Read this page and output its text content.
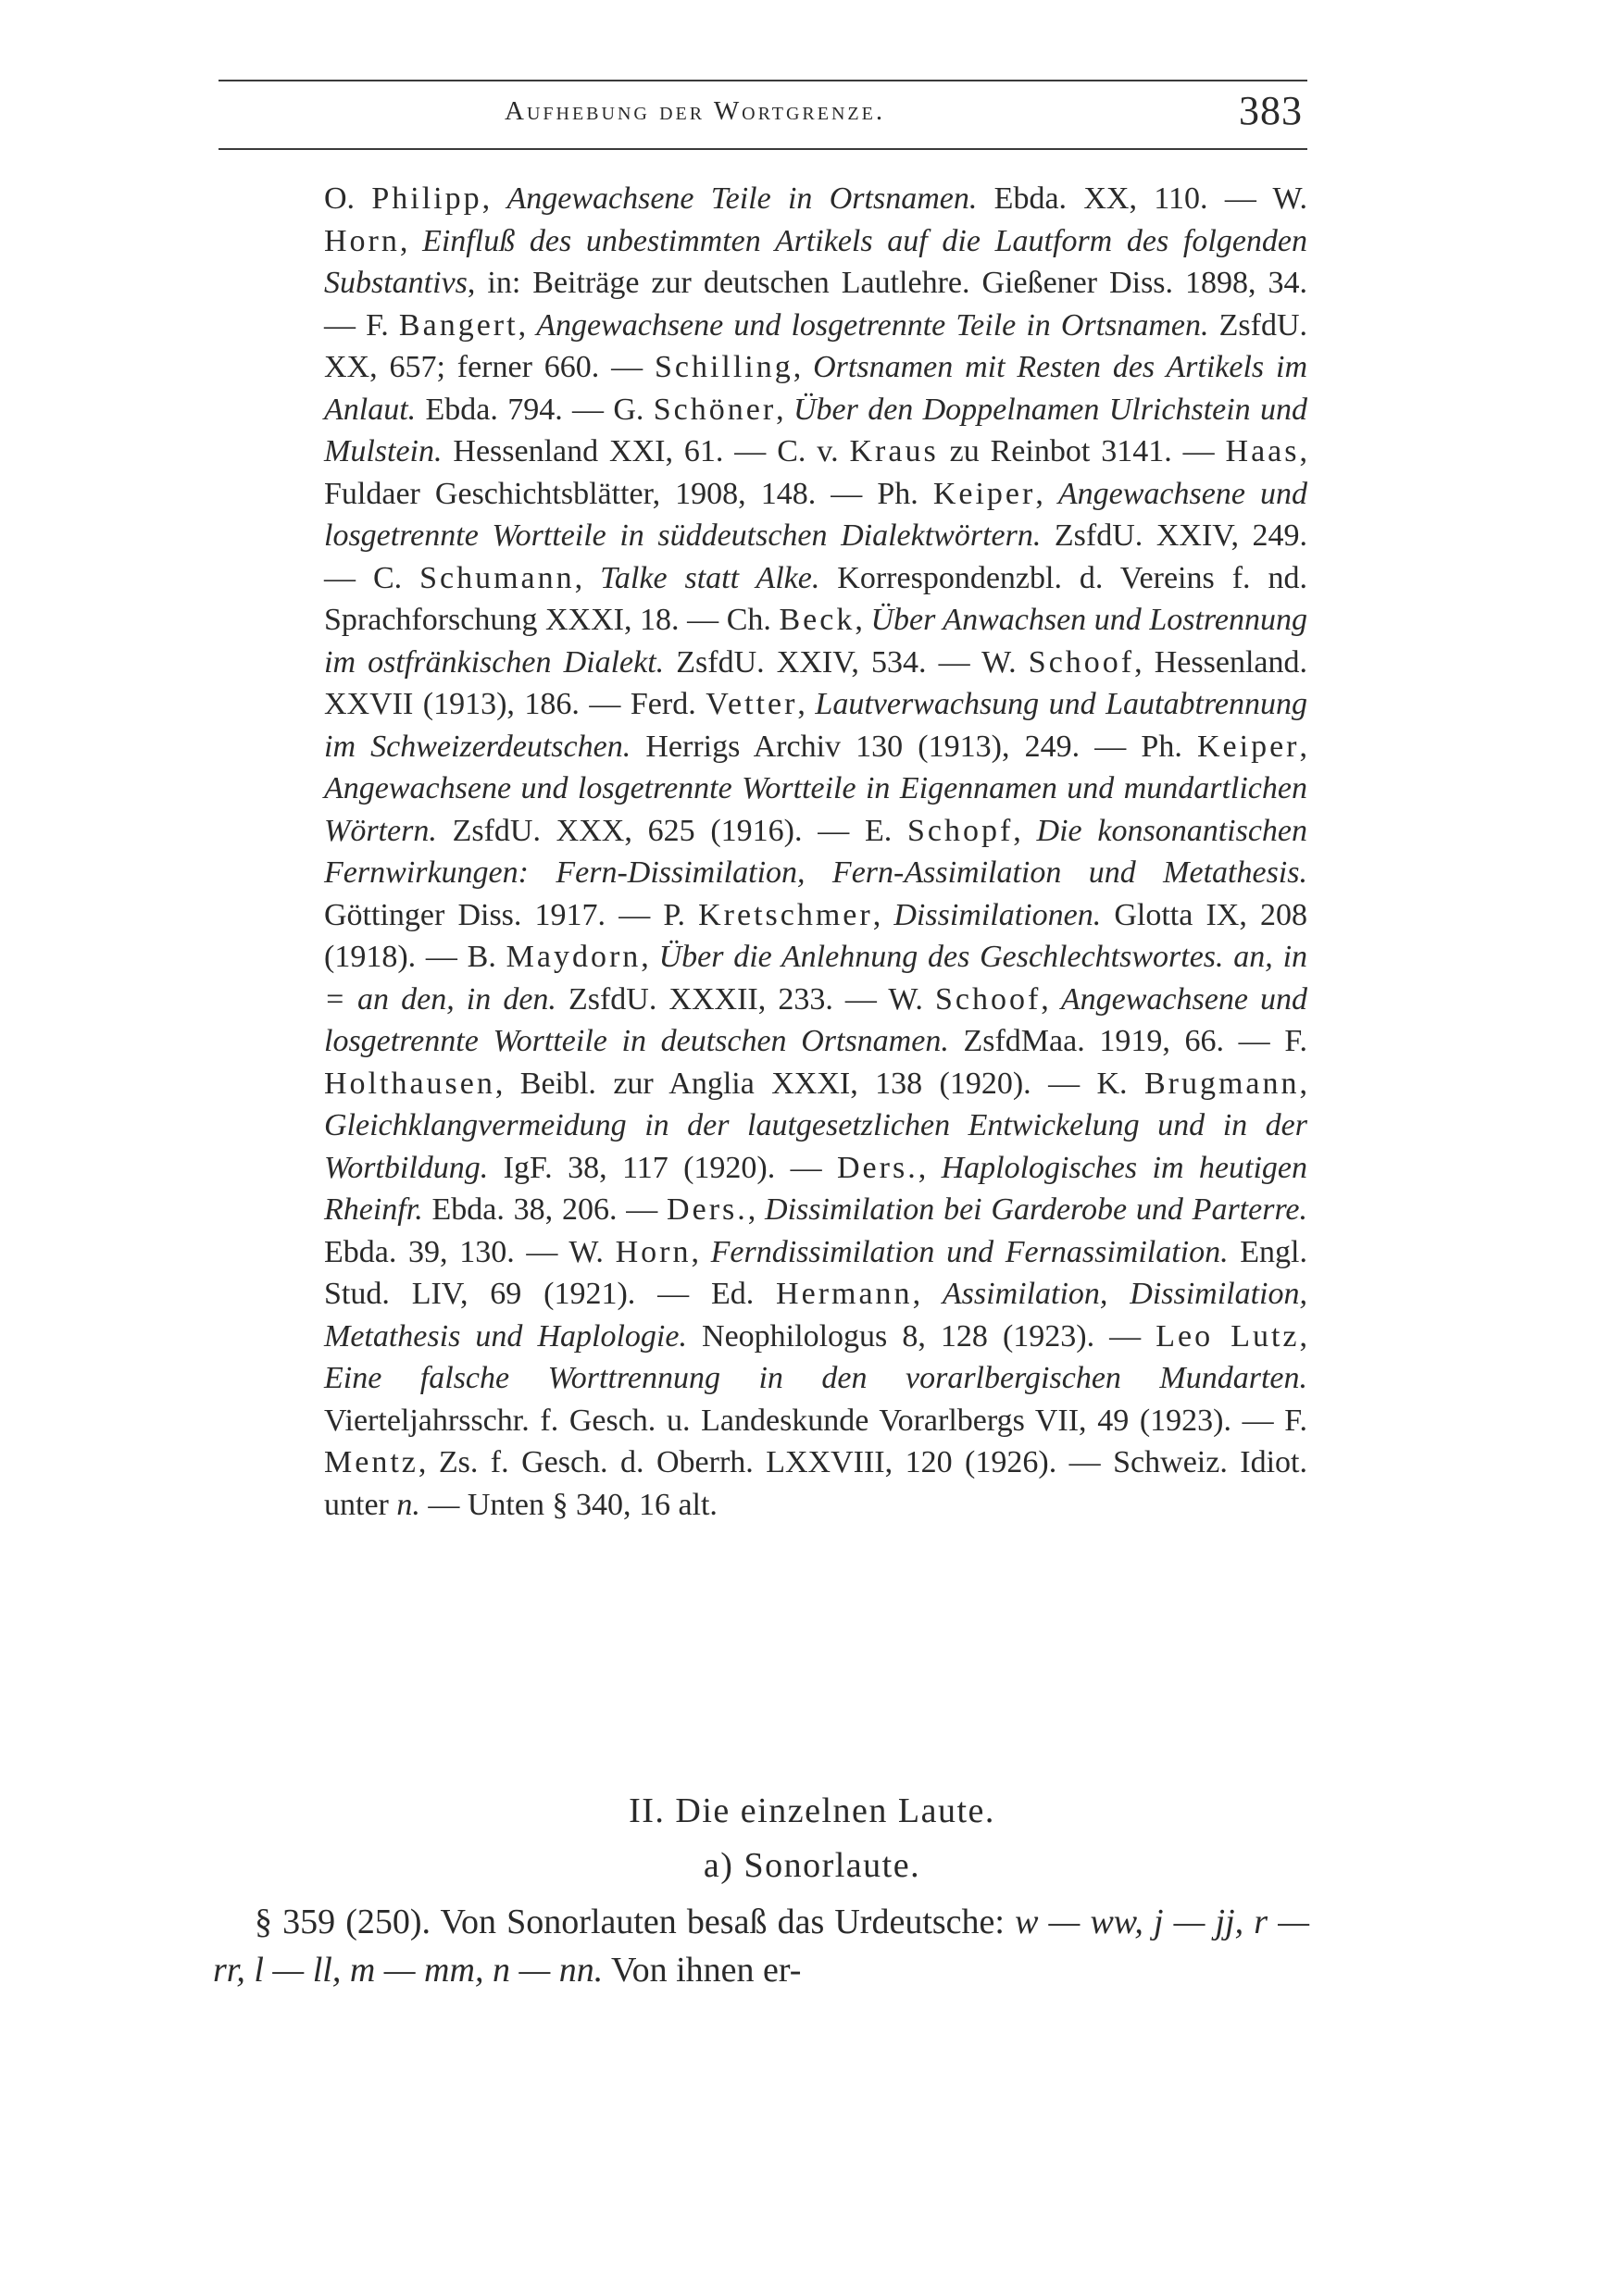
Aufhebung der Wortgrenze.	383
O. Philipp, Angewachsene Teile in Ortsnamen. Ebda. XX, 110. — W. Horn, Einfluß des unbestimmten Artikels auf die Lautform des folgenden Substantivs, in: Beiträge zur deutschen Lautlehre. Gießener Diss. 1898, 34. — F. Bangert, Angewachsene und losgetrennte Teile in Ortsnamen. ZsfdU. XX, 657; ferner 660. — Schilling, Ortsnamen mit Resten des Artikels im Anlaut. Ebda. 794. — G. Schöner, Über den Doppelnamen Ulrichstein und Mulstein. Hessenland XXI, 61. — C. v. Kraus zu Reinbot 3141. — Haas, Fuldaer Geschichtsblätter, 1908, 148. — Ph. Keiper, Angewachsene und losgetrennte Wortteile in süddeutschen Dialektwörtern. ZsfdU. XXIV, 249. — C. Schumann, Talke statt Alke. Korrespondenzbl. d. Vereins f. nd. Sprachforschung XXXI, 18. — Ch. Beck, Über Anwachsen und Lostrennung im ostfränkischen Dialekt. ZsfdU. XXIV, 534. — W. Schoof, Hessenland. XXVII (1913), 186. — Ferd. Vetter, Lautverwachsung und Lautabtrennung im Schweizerdeutschen. Herrigs Archiv 130 (1913), 249. — Ph. Keiper, Angewachsene und losgetrennte Wortteile in Eigennamen und mundartlichen Wörtern. ZsfdU. XXX, 625 (1916). — E. Schopf, Die konsonantischen Fernwirkungen: Fern-Dissimilation, Fern-Assimilation und Metathesis. Göttinger Diss. 1917. — P. Kretschmer, Dissimilationen. Glotta IX, 208 (1918). — B. Maydorn, Über die Anlehnung des Geschlechtswortes. an, in = an den, in den. ZsfdU. XXXII, 233. — W. Schoof, Angewachsene und losgetrennte Wortteile in deutschen Ortsnamen. ZsfdMaa. 1919, 66. — F. Holthausen, Beibl. zur Anglia XXXI, 138 (1920). — K. Brugmann, Gleichklangvermeidung in der lautgesetzlichen Entwickelung und in der Wortbildung. IgF. 38, 117 (1920). — Ders., Haplologisches im heutigen Rheinfr. Ebda. 38, 206. — Ders., Dissimilation bei Garderobe und Parterre. Ebda. 39, 130. — W. Horn, Ferndissimilation und Fernassimilation. Engl. Stud. LIV, 69 (1921). — Ed. Hermann, Assimilation, Dissimilation, Metathesis und Haplologie. Neophilologus 8, 128 (1923). — Leo Lutz, Eine falsche Worttrennung in den vorarlbergischen Mundarten. Vierteljahrsschr. f. Gesch. u. Landeskunde Vorarlbergs VII, 49 (1923). — F. Mentz, Zs. f. Gesch. d. Oberrh. LXXVIII, 120 (1926). — Schweiz. Idiot. unter n. — Unten § 340, 16 alt.
II. Die einzelnen Laute.
a) Sonorlaute.
§ 359 (250). Von Sonorlauten besaß das Urdeutsche: w — ww, j — jj, r — rr, l — ll, m — mm, n — nn. Von ihnen er-
